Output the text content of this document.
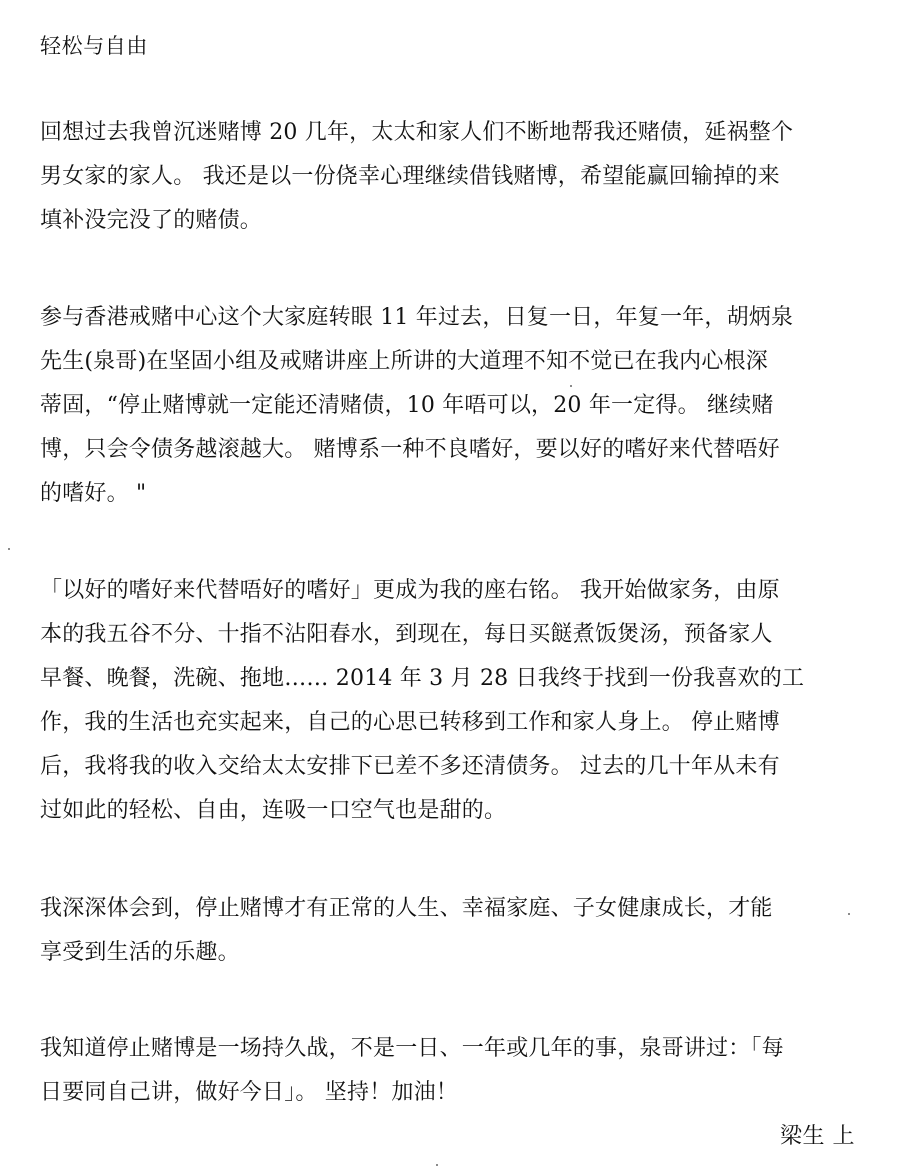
轻松与自由

回想过去我曾沉迷赌博 20 几年，太太和家人们不断地帮我还赌债，延祸整个

男女家的家人。 我还是以一份侥幸心理继续借钱赌博，希望能赢回输掉的来

填补没完没了的赌债。

参与香港戒赌中心这个大家庭转眼 11 年过去，日复一日，年复一年，胡炳泉

先生(泉哥)在坚固小组及戒赌讲座上所讲的大道理不知不觉已在我内心根深

蒂固，“停止赌博就一定能还清赌债，10 年唔可以，20 年一定得。 继续赌

博，只会令债务越滚越大。 赌博系一种不良嗜好，要以好的嗜好来代替唔好

的嗜好。 "

「以好的嗜好来代替唔好的嗜好」更成为我的座右铭。 我开始做家务，由原

本的我五谷不分、十指不沾阳春水，到现在，每日买餸煮饭煲汤，预备家人

早餐、晚餐，洗碗、拖地…… 2014 年 3 月 28 日我终于找到一份我喜欢的工

作，我的生活也充实起来，自己的心思已转移到工作和家人身上。 停止赌博

后，我将我的收入交给太太安排下已差不多还清债务。 过去的几十年从未有

过如此的轻松、自由，连吸一口空气也是甜的。

我深深体会到，停止赌博才有正常的人生、幸福家庭、子女健康成长，才能

享受到生活的乐趣。

我知道停止赌博是一场持久战，不是一日、一年或几年的事，泉哥讲过：「每

日要同自己讲，做好今日」。 坚持！加油！

梁生 上
